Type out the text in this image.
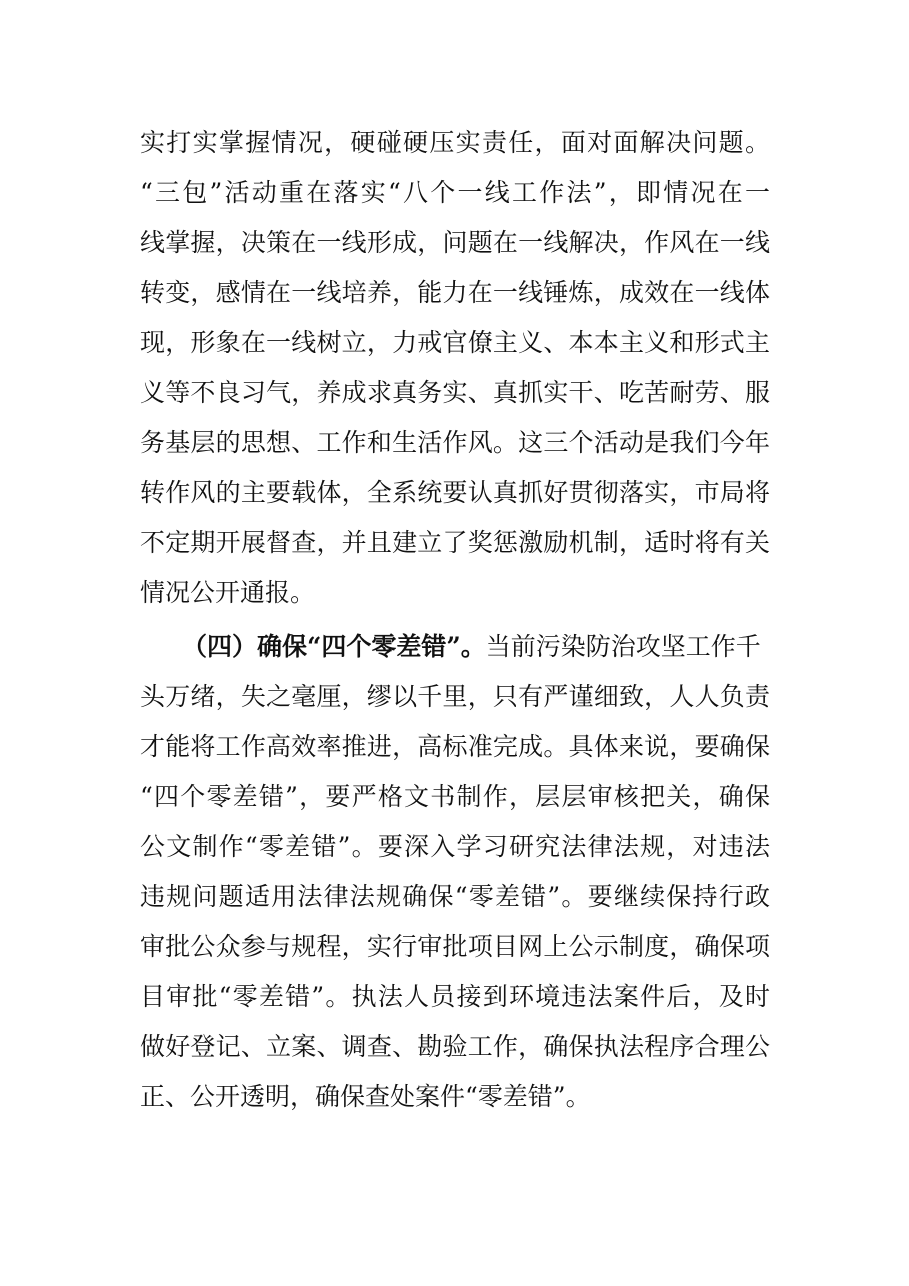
实打实掌握情况，硬碰硬压实责任，面对面解决问题。
“三包”活动重在落实“八个一线工作法”，即情况在一
线掌握，决策在一线形成，问题在一线解决，作风在一线
转变，感情在一线培养，能力在一线锤炼，成效在一线体
现，形象在一线树立，力戒官僚主义、本本主义和形式主
义等不良习气，养成求真务实、真抓实干、吃苦耐劳、服
务基层的思想、工作和生活作风。这三个活动是我们今年
转作风的主要载体，全系统要认真抓好贯彻落实，市局将
不定期开展督查，并且建立了奖惩激励机制，适时将有关
情况公开通报。
（四）确保“四个零差错”。当前污染防治攻坚工作千
头万绪，失之毫厘，缪以千里，只有严谨细致，人人负责
才能将工作高效率推进，高标准完成。具体来说，要确保
“四个零差错”，要严格文书制作，层层审核把关，确保
公文制作“零差错”。要深入学习研究法律法规，对违法
违规问题适用法律法规确保“零差错”。要继续保持行政
审批公众参与规程，实行审批项目网上公示制度，确保项
目审批“零差错”。执法人员接到环境违法案件后，及时
做好登记、立案、调查、勘验工作，确保执法程序合理公
正、公开透明，确保查处案件“零差错”。
